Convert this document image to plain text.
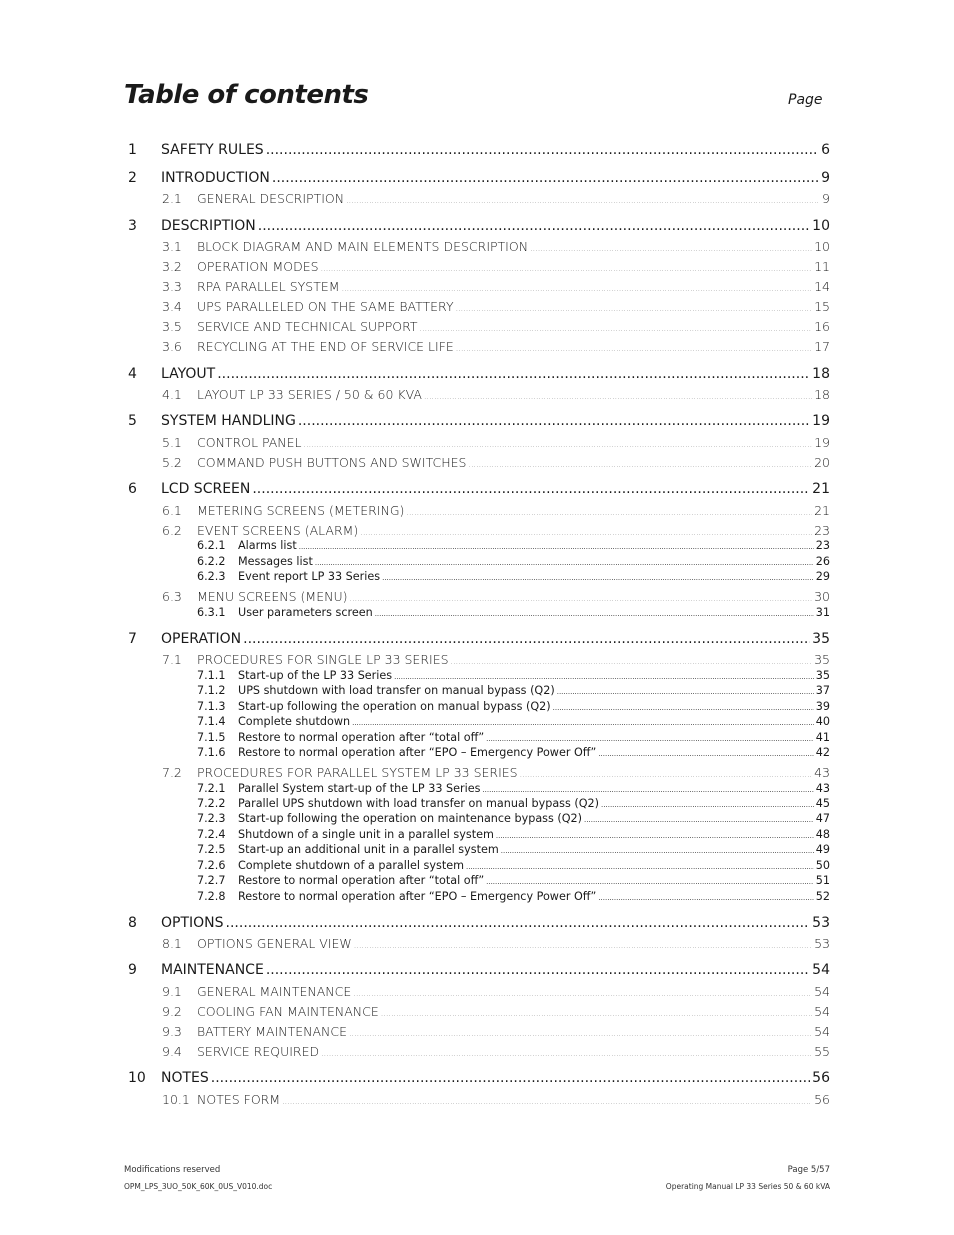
Table of contents	Page
1 SAFETY RULES .....	6
2 INTRODUCTION .....	9
2.1 GENERAL DESCRIPTION .....	9
3 DESCRIPTION .....	10
3.1 BLOCK DIAGRAM AND MAIN ELEMENTS DESCRIPTION .....	10
3.2 OPERATION MODES .....	11
3.3 RPA PARALLEL SYSTEM .....	14
3.4 UPS PARALLELED ON THE SAME BATTERY .....	15
3.5 SERVICE AND TECHNICAL SUPPORT .....	16
3.6 RECYCLING AT THE END OF SERVICE LIFE .....	17
4 LAYOUT .....	18
4.1 LAYOUT LP 33 SERIES / 50 & 60 KVA .....	18
5 SYSTEM HANDLING .....	19
5.1 CONTROL PANEL .....	19
5.2 COMMAND PUSH BUTTONS AND SWITCHES .....	20
6 LCD SCREEN .....	21
6.1 METERING SCREENS (METERING) .....	21
6.2 EVENT SCREENS (ALARM) .....	23
6.2.1 Alarms list .....	23
6.2.2 Messages list .....	26
6.2.3 Event report LP 33 Series .....	29
6.3 MENU SCREENS (MENU) .....	30
6.3.1 User parameters screen .....	31
7 OPERATION .....	35
7.1 PROCEDURES FOR SINGLE LP 33 SERIES .....	35
7.1.1 Start-up of the LP 33 Series .....	35
7.1.2 UPS shutdown with load transfer on manual bypass (Q2) .....	37
7.1.3 Start-up following the operation on manual bypass (Q2) .....	39
7.1.4 Complete shutdown .....	40
7.1.5 Restore to normal operation after “total off” .....	41
7.1.6 Restore to normal operation after “EPO – Emergency Power Off” .....	42
7.2 PROCEDURES FOR PARALLEL SYSTEM LP 33 SERIES .....	43
7.2.1 Parallel System start-up of the LP 33 Series .....	43
7.2.2 Parallel UPS shutdown with load transfer on manual bypass (Q2) .....	45
7.2.3 Start-up following the operation on maintenance bypass (Q2) .....	47
7.2.4 Shutdown of a single unit in a parallel system .....	48
7.2.5 Start-up an additional unit in a parallel system .....	49
7.2.6 Complete shutdown of a parallel system .....	50
7.2.7 Restore to normal operation after “total off” .....	51
7.2.8 Restore to normal operation after “EPO – Emergency Power Off” .....	52
8 OPTIONS .....	53
8.1 OPTIONS GENERAL VIEW .....	53
9 MAINTENANCE .....	54
9.1 GENERAL MAINTENANCE .....	54
9.2 COOLING FAN MAINTENANCE .....	54
9.3 BATTERY MAINTENANCE .....	54
9.4 SERVICE REQUIRED .....	55
10 NOTES .....	56
10.1 NOTES FORM .....	56
Modifications reserved
OPM_LPS_3UO_50K_60K_0US_V010.doc
Page 5/57
Operating Manual LP 33 Series 50 & 60 kVA
